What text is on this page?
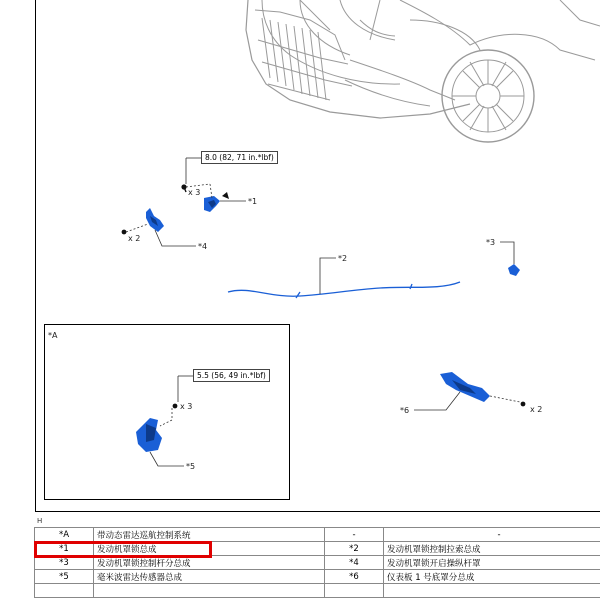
*1
*2
*3
*4
*5
*6
*A
x 3
x 2
x 3	x 2
8.0 (82, 71 in.*lbf)
5.5 (56, 49 in.*lbf)
H
*A	带动态雷达巡航控制系统	-	-
*1	发动机罩锁总成	*2	发动机罩锁控制拉索总成
*3	发动机罩锁控制杆分总成	*4	发动机罩锁开启操纵杆罩
*5	毫米波雷达传感器总成	*6	仪表板 1 号底罩分总成
